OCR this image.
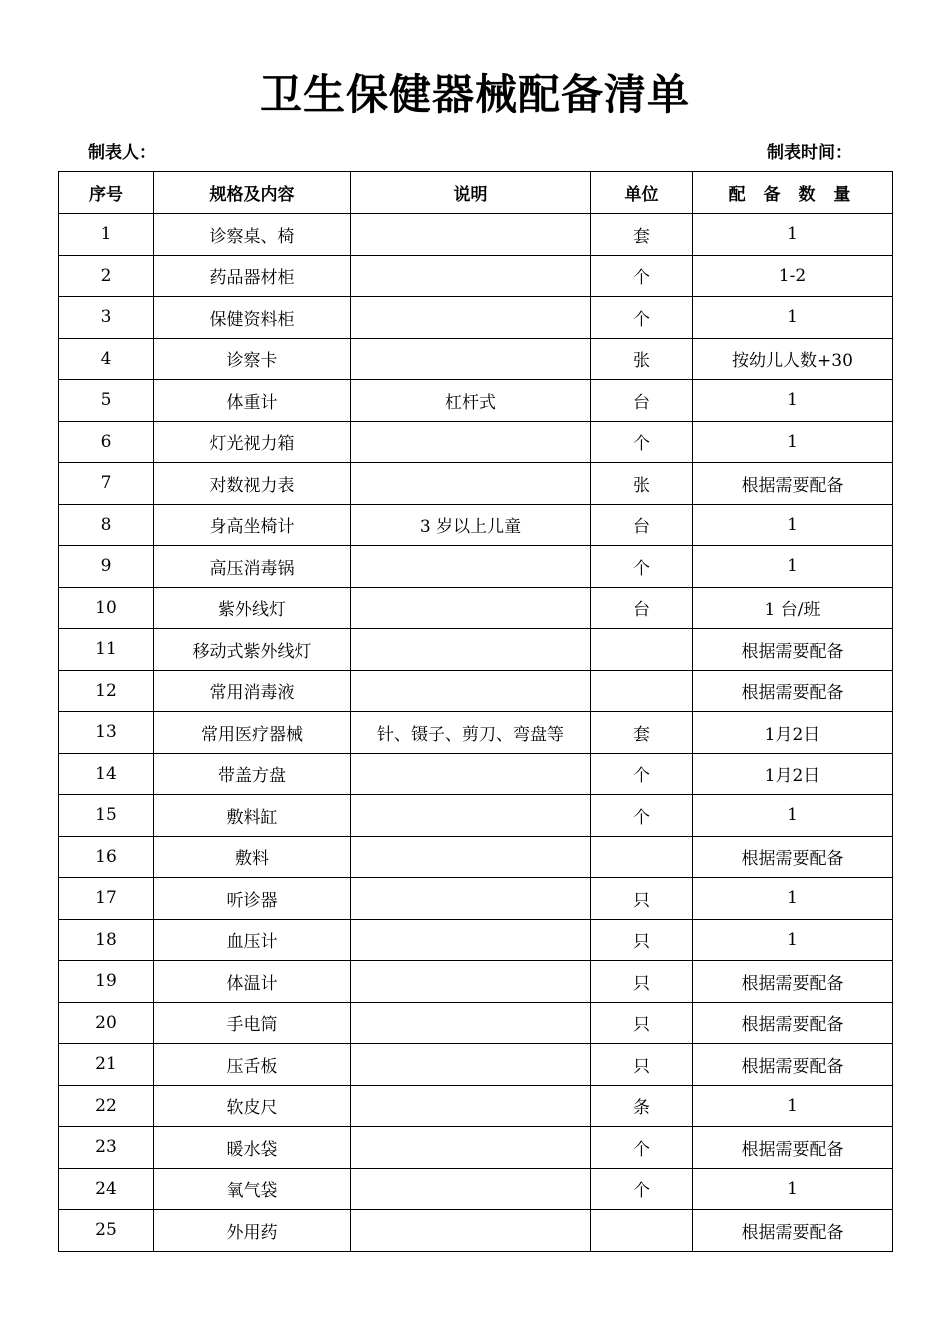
卫生保健器械配备清单
制表人：	制表时间：
序号	规格及内容	说明	单位	配 备 数 量
1	诊察桌、椅		套	1
2	药品器材柜		个	1-2
3	保健资料柜		个	1
4	诊察卡		张	按幼儿人数+30
5	体重计	杠杆式	台	1
6	灯光视力箱		个	1
7	对数视力表		张	根据需要配备
8	身高坐椅计	3 岁以上儿童	台	1
9	高压消毒锅		个	1
10	紫外线灯		台	1 台/班
11	移动式紫外线灯			根据需要配备
12	常用消毒液			根据需要配备
13	常用医疗器械	针、镊子、剪刀、弯盘等	套	1月2日
14	带盖方盘		个	1月2日
15	敷料缸		个	1
16	敷料			根据需要配备
17	听诊器		只	1
18	血压计		只	1
19	体温计		只	根据需要配备
20	手电筒		只	根据需要配备
21	压舌板		只	根据需要配备
22	软皮尺		条	1
23	暖水袋		个	根据需要配备
24	氧气袋		个	1
25	外用药			根据需要配备
